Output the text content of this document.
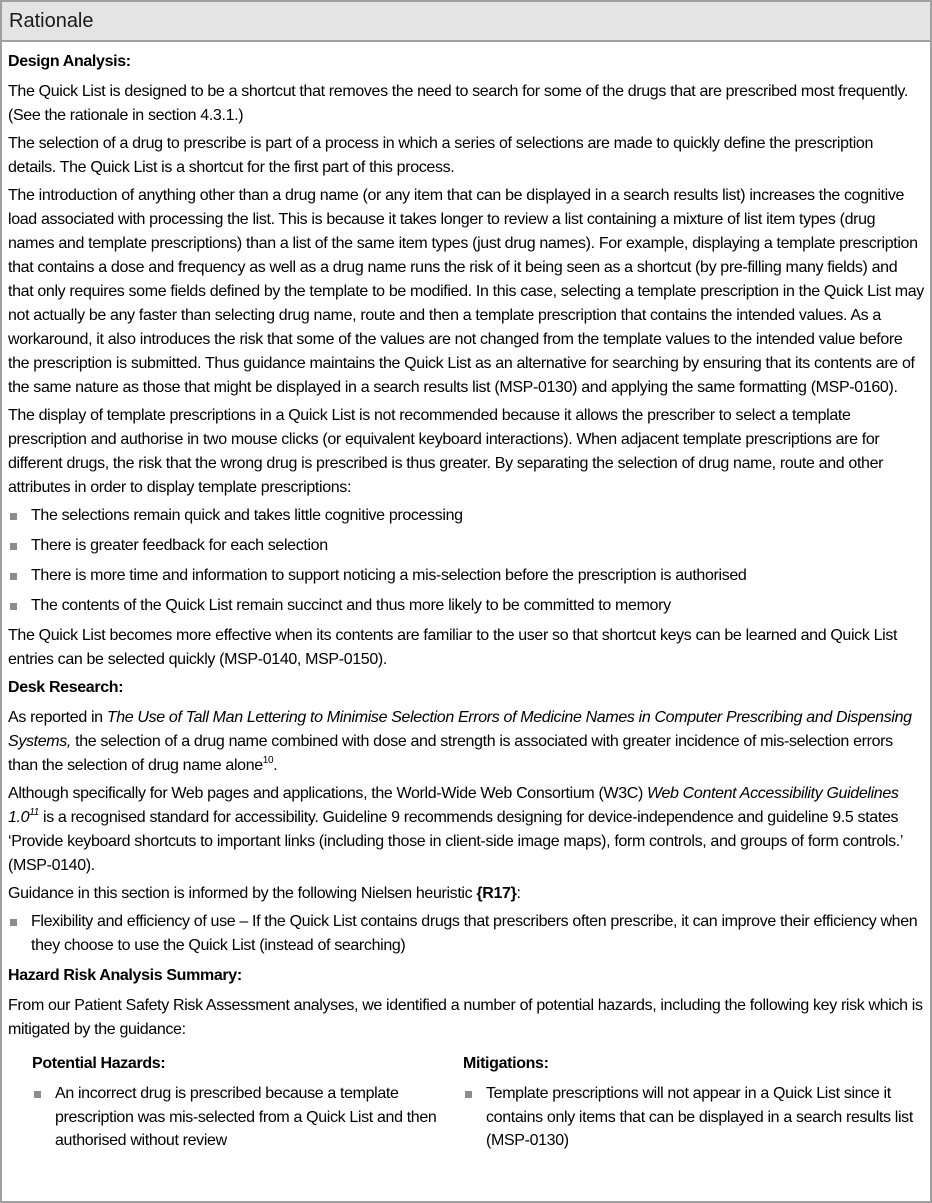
Rationale
Design Analysis:

The Quick List is designed to be a shortcut that removes the need to search for some of the drugs that are prescribed most frequently. (See the rationale in section 4.3.1.)

The selection of a drug to prescribe is part of a process in which a series of selections are made to quickly define the prescription details. The Quick List is a shortcut for the first part of this process.

The introduction of anything other than a drug name (or any item that can be displayed in a search results list) increases the cognitive load associated with processing the list. This is because it takes longer to review a list containing a mixture of list item types (drug names and template prescriptions) than a list of the same item types (just drug names). For example, displaying a template prescription that contains a dose and frequency as well as a drug name runs the risk of it being seen as a shortcut (by pre-filling many fields) and that only requires some fields defined by the template to be modified. In this case, selecting a template prescription in the Quick List may not actually be any faster than selecting drug name, route and then a template prescription that contains the intended values. As a workaround, it also introduces the risk that some of the values are not changed from the template values to the intended value before the prescription is submitted. Thus guidance maintains the Quick List as an alternative for searching by ensuring that its contents are of the same nature as those that might be displayed in a search results list (MSP-0130) and applying the same formatting (MSP-0160).

The display of template prescriptions in a Quick List is not recommended because it allows the prescriber to select a template prescription and authorise in two mouse clicks (or equivalent keyboard interactions). When adjacent template prescriptions are for different drugs, the risk that the wrong drug is prescribed is thus greater. By separating the selection of drug name, route and other attributes in order to display template prescriptions:

The selections remain quick and takes little cognitive processing
There is greater feedback for each selection
There is more time and information to support noticing a mis-selection before the prescription is authorised
The contents of the Quick List remain succinct and thus more likely to be committed to memory

The Quick List becomes more effective when its contents are familiar to the user so that shortcut keys can be learned and Quick List entries can be selected quickly (MSP-0140, MSP-0150).

Desk Research:

As reported in The Use of Tall Man Lettering to Minimise Selection Errors of Medicine Names in Computer Prescribing and Dispensing Systems, the selection of a drug name combined with dose and strength is associated with greater incidence of mis-selection errors than the selection of drug name alone$^{10}$.

Although specifically for Web pages and applications, the World-Wide Web Consortium (W3C) Web Content Accessibility Guidelines $1.0^{11}$ is a recognised standard for accessibility. Guideline 9 recommends designing for device-independence and guideline 9.5 states ‘Provide keyboard shortcuts to important links (including those in client-side image maps), form controls, and groups of form controls.’ (MSP-0140).

Guidance in this section is informed by the following Nielsen heuristic {R17}:

Flexibility and efficiency of use – If the Quick List contains drugs that prescribers often prescribe, it can improve their efficiency when they choose to use the Quick List (instead of searching)
Hazard Risk Analysis Summary:

From our Patient Safety Risk Assessment analyses, we identified a number of potential hazards, including the following key risk which is mitigated by the guidance:

Potential Hazards:
An incorrect drug is prescribed because a template prescription was mis-selected from a Quick List and then authorised without review
Mitigations:
Template prescriptions will not appear in a Quick List since it contains only items that can be displayed in a search results list (MSP-0130)
